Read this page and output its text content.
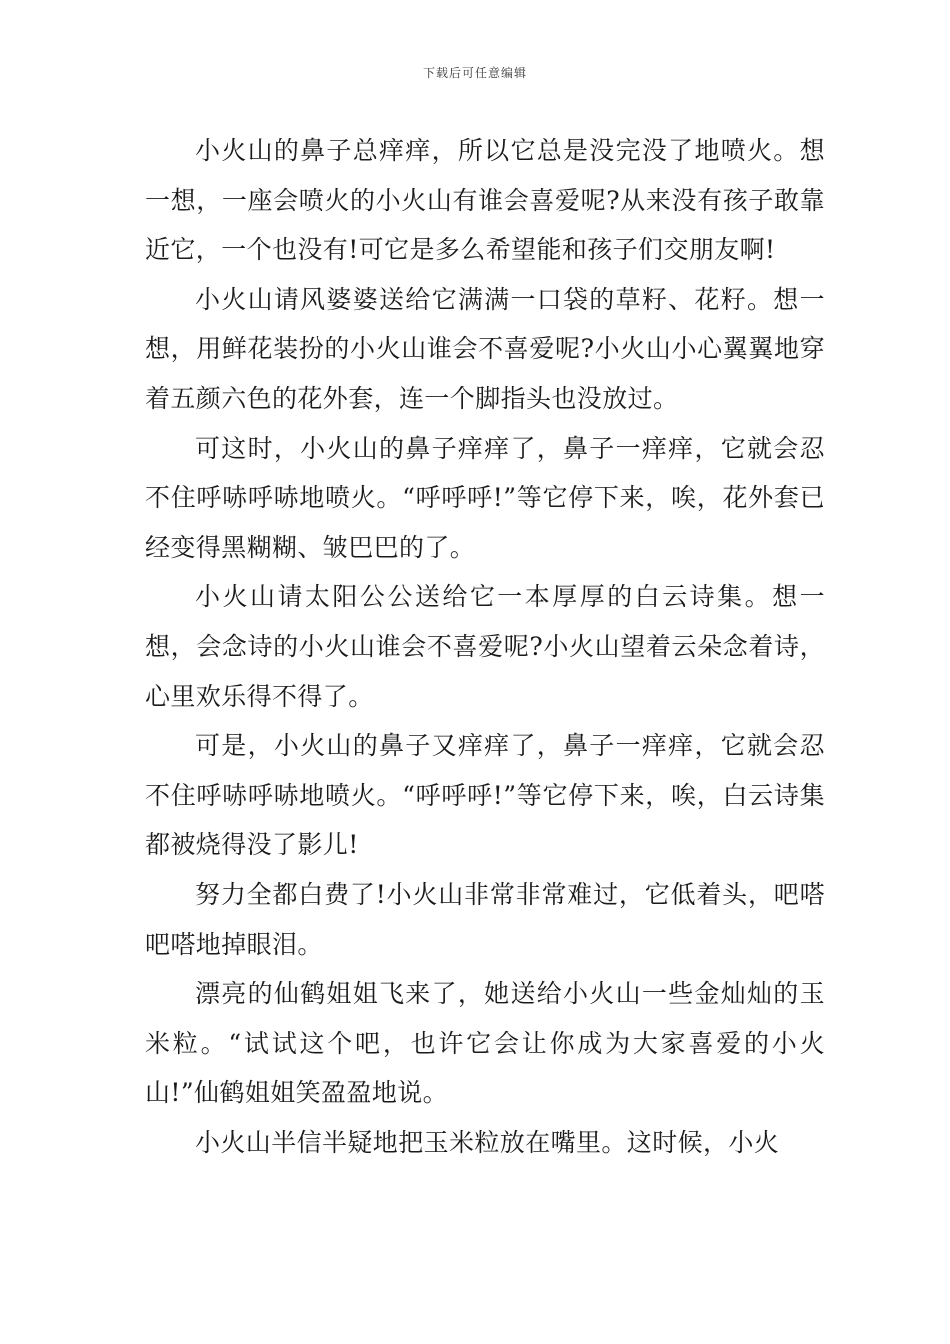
下载后可任意编辑

小火山的鼻子总痒痒，所以它总是没完没了地喷火。想一想，一座会喷火的小火山有谁会喜爱呢?从来没有孩子敢靠近它，一个也没有!可它是多么希望能和孩子们交朋友啊!

小火山请风婆婆送给它满满一口袋的草籽、花籽。想一想，用鲜花装扮的小火山谁会不喜爱呢?小火山小心翼翼地穿着五颜六色的花外套，连一个脚指头也没放过。

可这时，小火山的鼻子痒痒了，鼻子一痒痒，它就会忍不住呼哧呼哧地喷火。“呼呼呼!”等它停下来，唉，花外套已经变得黑糊糊、皱巴巴的了。

小火山请太阳公公送给它一本厚厚的白云诗集。想一想，会念诗的小火山谁会不喜爱呢?小火山望着云朵念着诗，心里欢乐得不得了。

可是，小火山的鼻子又痒痒了，鼻子一痒痒，它就会忍不住呼哧呼哧地喷火。“呼呼呼!”等它停下来，唉，白云诗集都被烧得没了影儿!

努力全都白费了!小火山非常非常难过，它低着头，吧嗒吧嗒地掉眼泪。

漂亮的仙鹤姐姐飞来了，她送给小火山一些金灿灿的玉米粒。“试试这个吧，也许它会让你成为大家喜爱的小火山!”仙鹤姐姐笑盈盈地说。

小火山半信半疑地把玉米粒放在嘴里。这时候，小火
